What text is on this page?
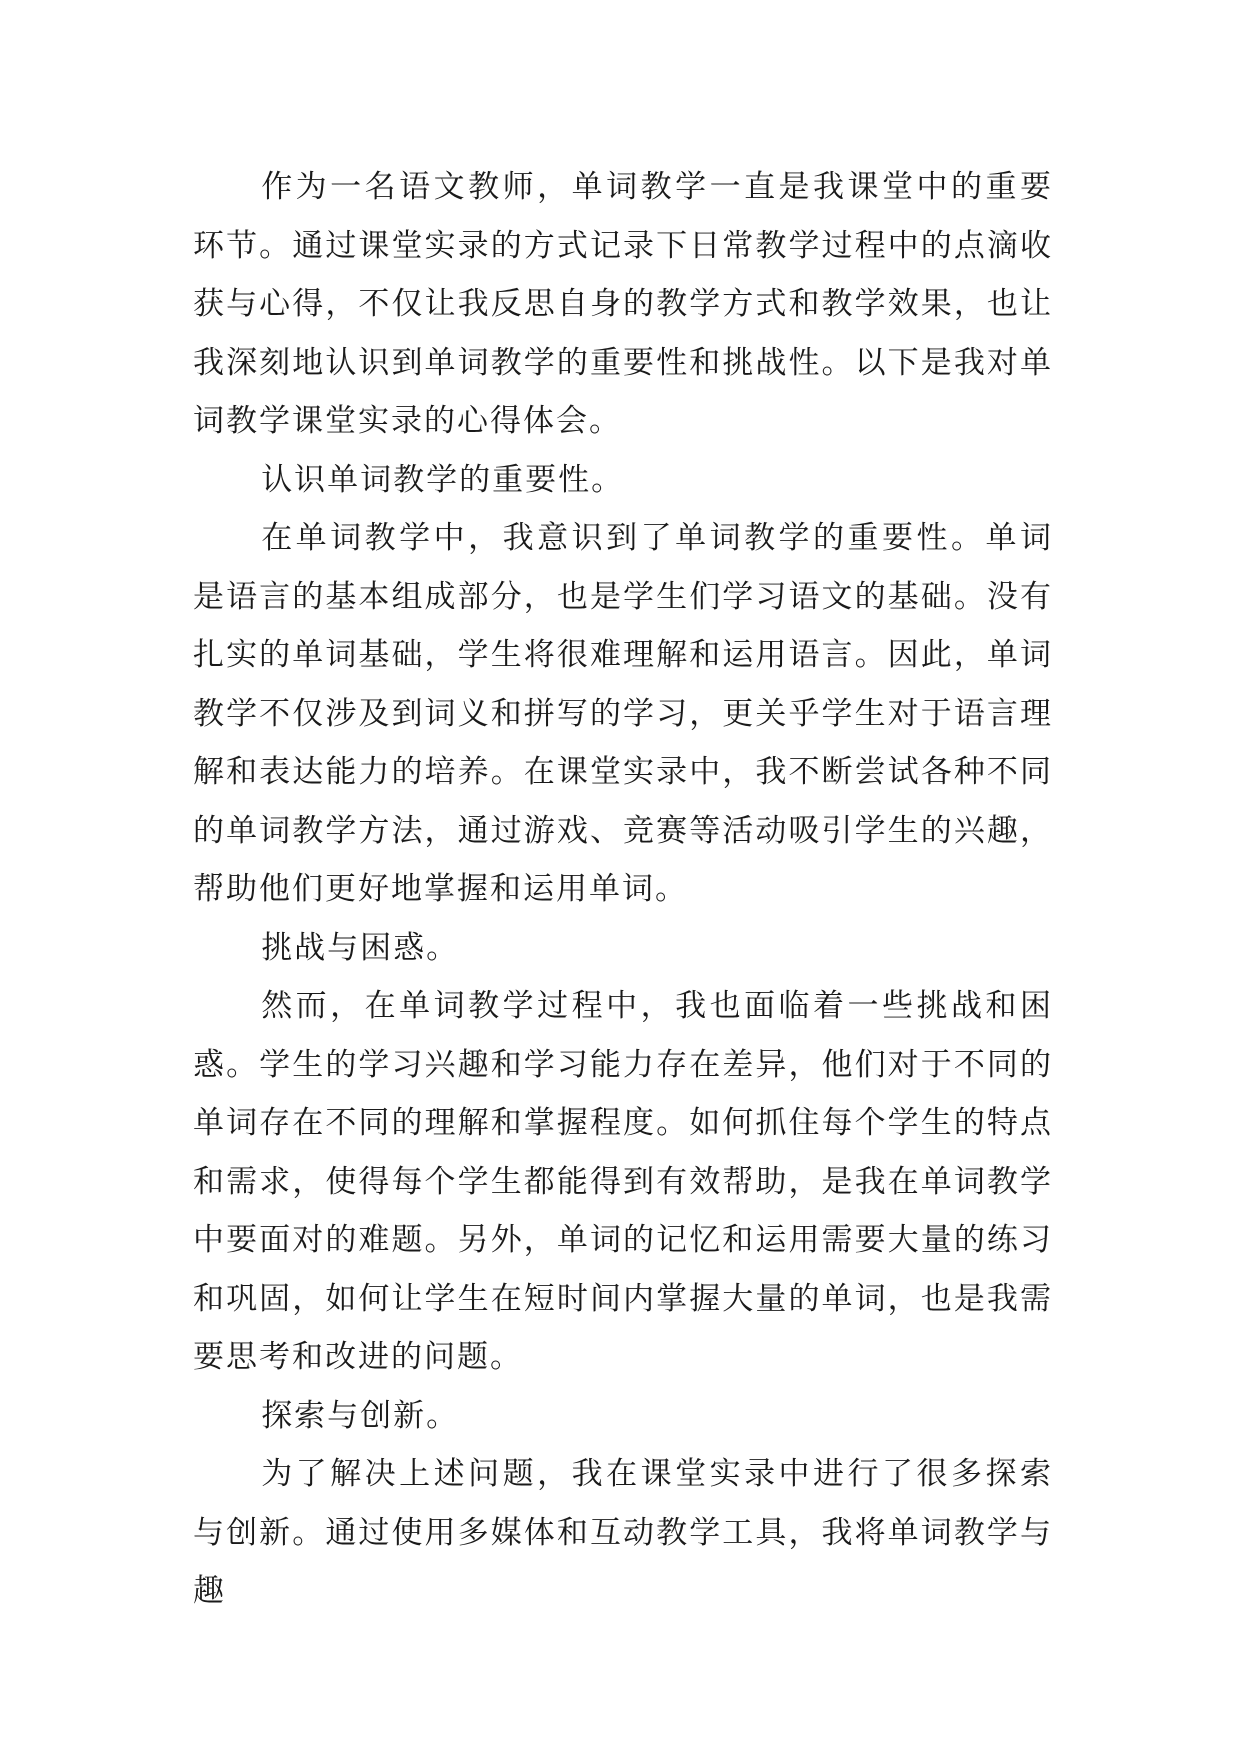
作为一名语文教师，单词教学一直是我课堂中的重要环节。通过课堂实录的方式记录下日常教学过程中的点滴收获与心得，不仅让我反思自身的教学方式和教学效果，也让我深刻地认识到单词教学的重要性和挑战性。以下是我对单词教学课堂实录的心得体会。

认识单词教学的重要性。

在单词教学中，我意识到了单词教学的重要性。单词是语言的基本组成部分，也是学生们学习语文的基础。没有扎实的单词基础，学生将很难理解和运用语言。因此，单词教学不仅涉及到词义和拼写的学习，更关乎学生对于语言理解和表达能力的培养。在课堂实录中，我不断尝试各种不同的单词教学方法，通过游戏、竞赛等活动吸引学生的兴趣，帮助他们更好地掌握和运用单词。

挑战与困惑。

然而，在单词教学过程中，我也面临着一些挑战和困惑。学生的学习兴趣和学习能力存在差异，他们对于不同的单词存在不同的理解和掌握程度。如何抓住每个学生的特点和需求，使得每个学生都能得到有效帮助，是我在单词教学中要面对的难题。另外，单词的记忆和运用需要大量的练习和巩固，如何让学生在短时间内掌握大量的单词，也是我需要思考和改进的问题。

探索与创新。

为了解决上述问题，我在课堂实录中进行了很多探索与创新。通过使用多媒体和互动教学工具，我将单词教学与趣
